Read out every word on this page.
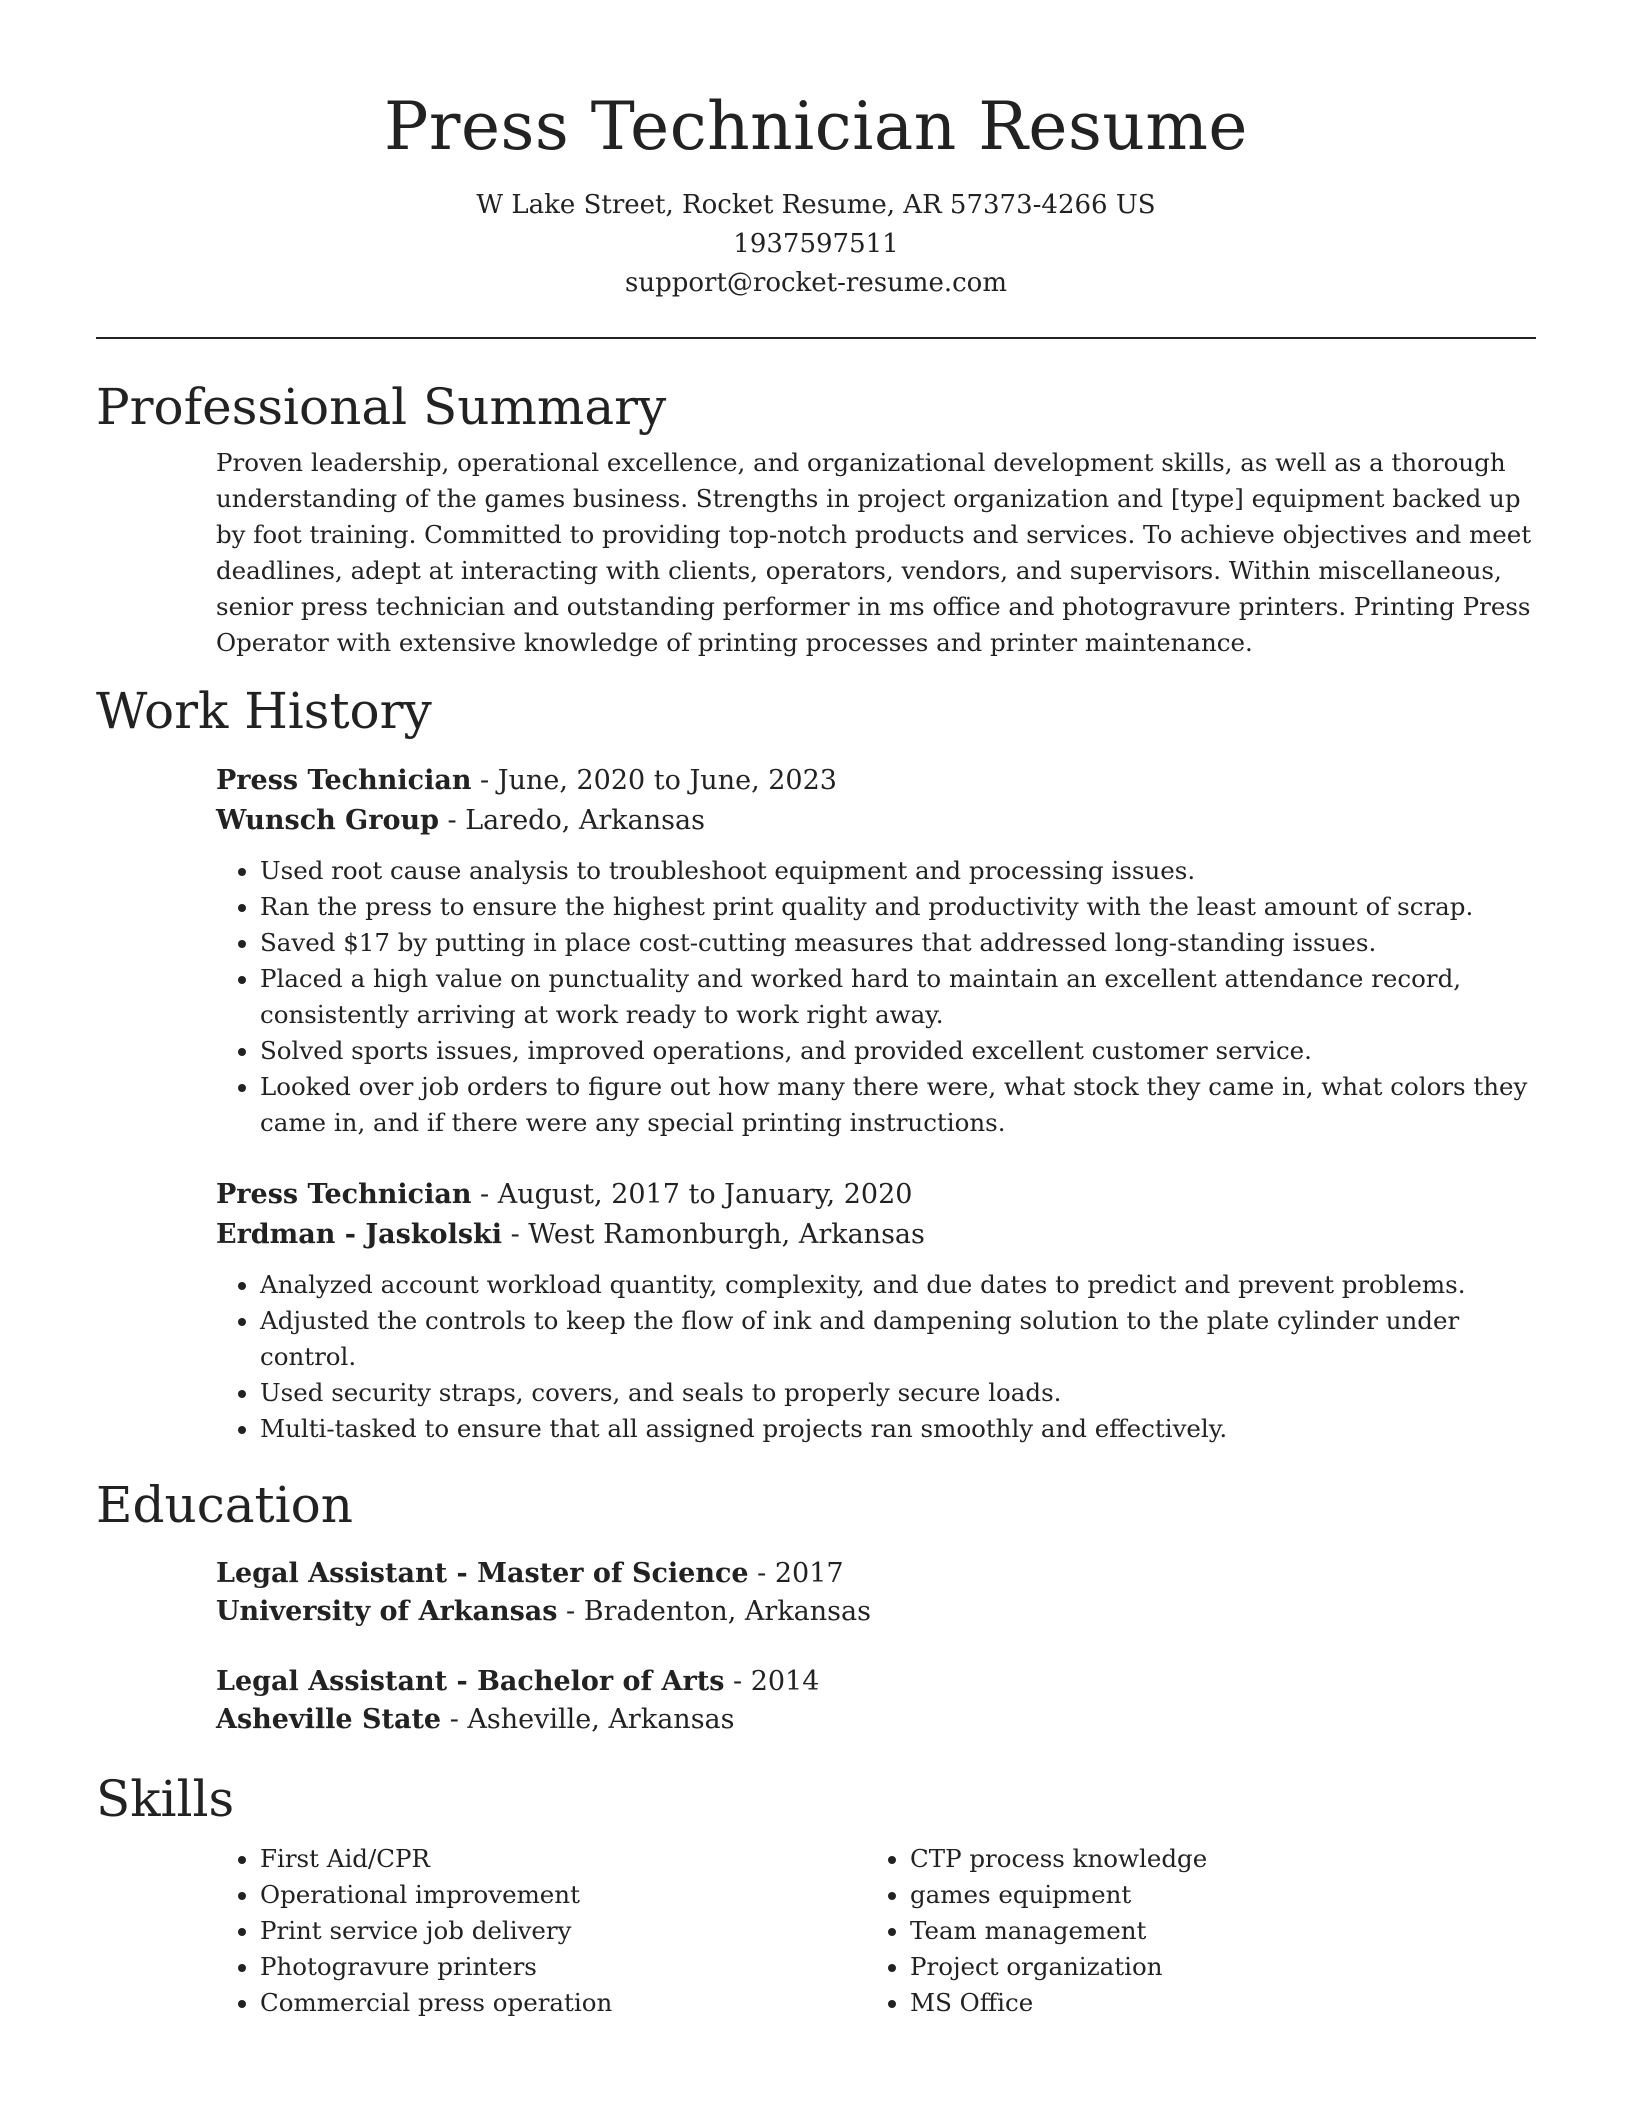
Press Technician Resume
W Lake Street, Rocket Resume, AR 57373-4266 US
1937597511
support@rocket-resume.com
Professional Summary
Proven leadership, operational excellence, and organizational development skills, as well as a thorough understanding of the games business. Strengths in project organization and [type] equipment backed up by foot training. Committed to providing top-notch products and services. To achieve objectives and meet deadlines, adept at interacting with clients, operators, vendors, and supervisors. Within miscellaneous, senior press technician and outstanding performer in ms office and photogravure printers. Printing Press Operator with extensive knowledge of printing processes and printer maintenance.
Work History
Press Technician - June, 2020 to June, 2023
Wunsch Group - Laredo, Arkansas
• Used root cause analysis to troubleshoot equipment and processing issues.
• Ran the press to ensure the highest print quality and productivity with the least amount of scrap.
• Saved $17 by putting in place cost-cutting measures that addressed long-standing issues.
• Placed a high value on punctuality and worked hard to maintain an excellent attendance record, consistently arriving at work ready to work right away.
• Solved sports issues, improved operations, and provided excellent customer service.
• Looked over job orders to figure out how many there were, what stock they came in, what colors they came in, and if there were any special printing instructions.
Press Technician - August, 2017 to January, 2020
Erdman - Jaskolski - West Ramonburgh, Arkansas
• Analyzed account workload quantity, complexity, and due dates to predict and prevent problems.
• Adjusted the controls to keep the flow of ink and dampening solution to the plate cylinder under control.
• Used security straps, covers, and seals to properly secure loads.
• Multi-tasked to ensure that all assigned projects ran smoothly and effectively.
Education
Legal Assistant - Master of Science - 2017
University of Arkansas - Bradenton, Arkansas
Legal Assistant - Bachelor of Arts - 2014
Asheville State - Asheville, Arkansas
Skills
• First Aid/CPR
• Operational improvement
• Print service job delivery
• Photogravure printers
• Commercial press operation
• CTP process knowledge
• games equipment
• Team management
• Project organization
• MS Office
